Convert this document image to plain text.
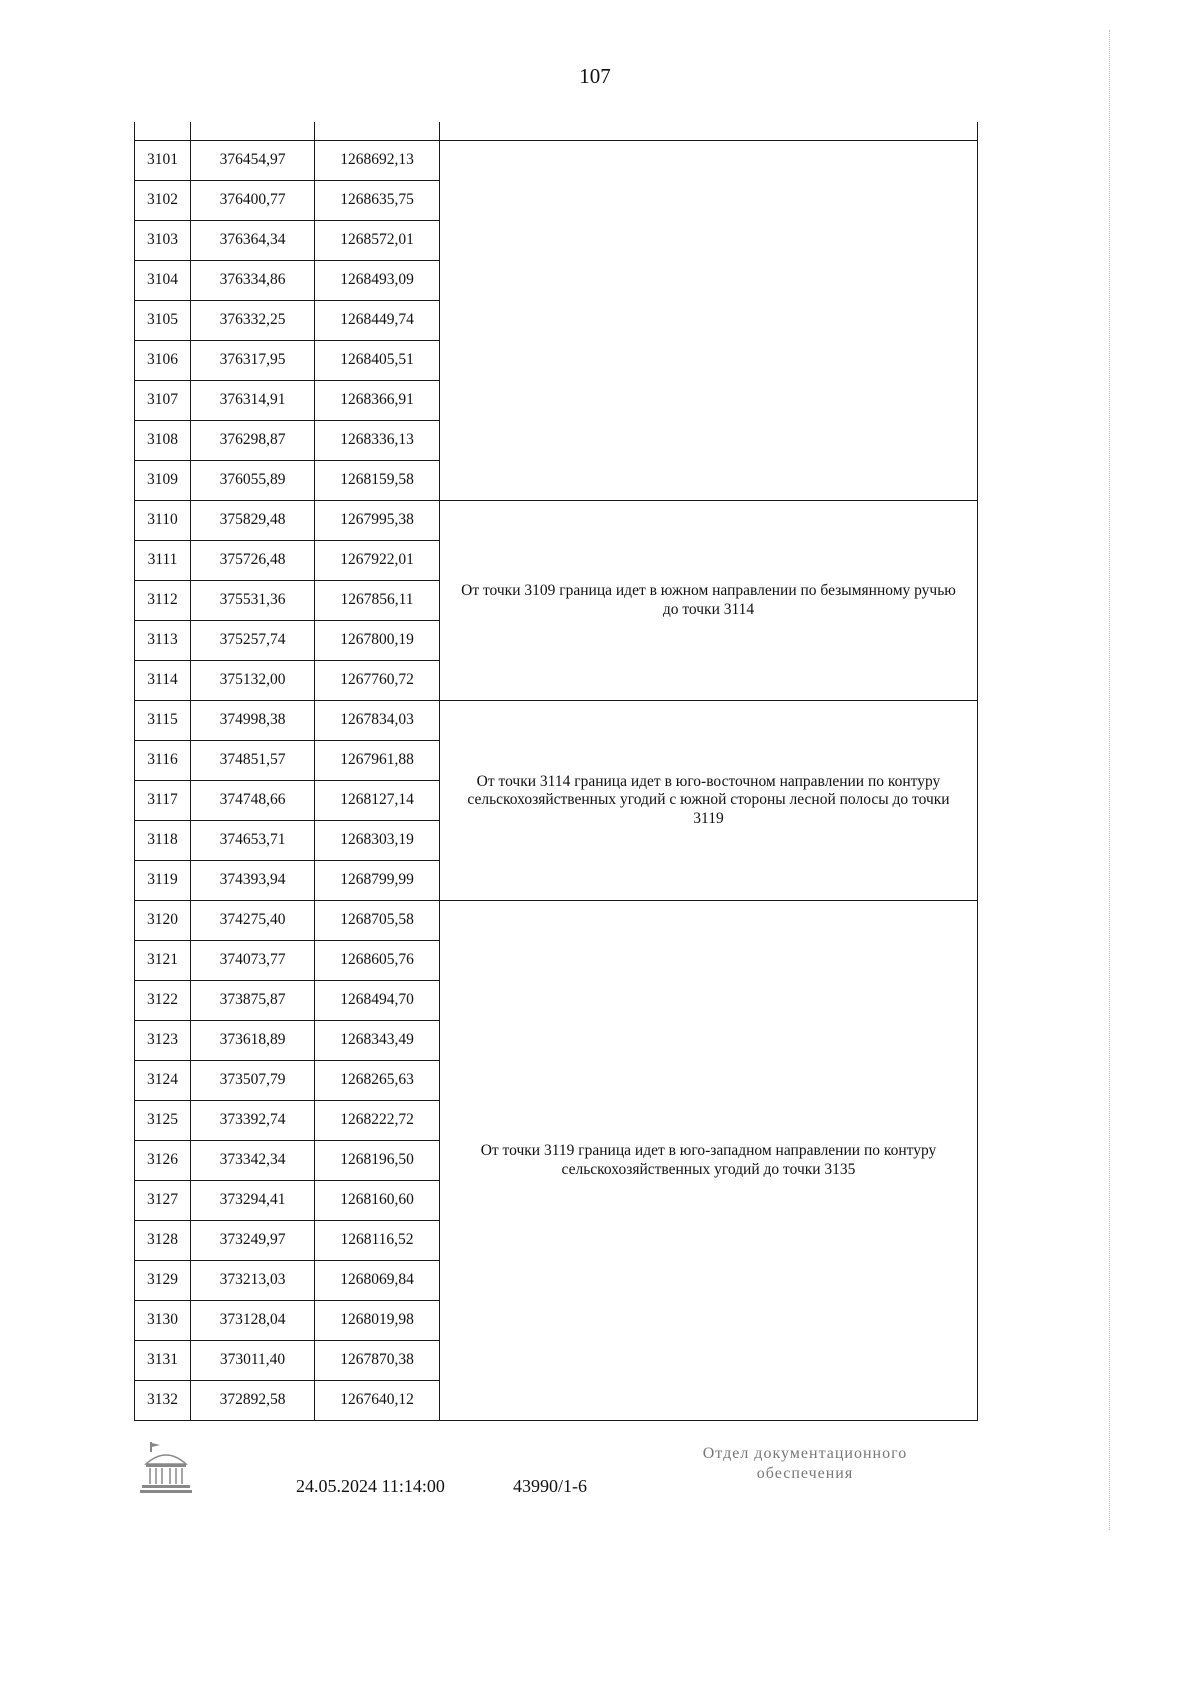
107

3101	376454,97	1268692,13	
3102	376400,77	1268635,75	
3103	376364,34	1268572,01	
3104	376334,86	1268493,09	
3105	376332,25	1268449,74	
3106	376317,95	1268405,51	
3107	376314,91	1268366,91	
3108	376298,87	1268336,13	
3109	376055,89	1268159,58	
3110	375829,48	1267995,38	От точки 3109 граница идет в южном направлении по безымянному ручью до точки 3114
3111	375726,48	1267922,01	
3112	375531,36	1267856,11	
3113	375257,74	1267800,19	
3114	375132,00	1267760,72	
3115	374998,38	1267834,03	От точки 3114 граница идет в юго-восточном направлении по контуру сельскохозяйственных угодий с южной стороны лесной полосы до точки 3119
3116	374851,57	1267961,88	
3117	374748,66	1268127,14	
3118	374653,71	1268303,19	
3119	374393,94	1268799,99	
3120	374275,40	1268705,58	От точки 3119 граница идет в юго-западном направлении по контуру сельскохозяйственных угодий до точки 3135
3121	374073,77	1268605,76	
3122	373875,87	1268494,70	
3123	373618,89	1268343,49	
3124	373507,79	1268265,63	
3125	373392,74	1268222,72	
3126	373342,34	1268196,50	
3127	373294,41	1268160,60	
3128	373249,97	1268116,52	
3129	373213,03	1268069,84	
3130	373128,04	1268019,98	
3131	373011,40	1267870,38	
3132	372892,58	1267640,12	
24.05.2024 11:14:00	43990/1-6
Отдел документационного
обеспечения
